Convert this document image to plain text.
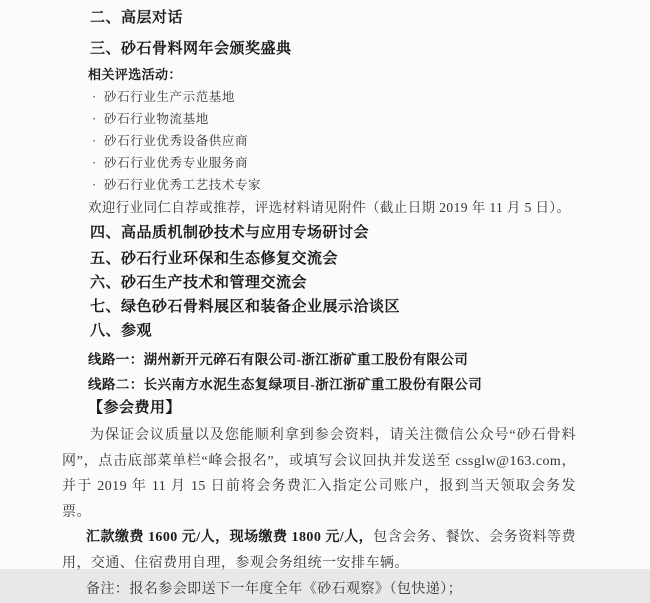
二、高层对话
三、砂石骨料网年会颁奖盛典
相关评选活动：
· 砂石行业生产示范基地
· 砂石行业物流基地
· 砂石行业优秀设备供应商
· 砂石行业优秀专业服务商
· 砂石行业优秀工艺技术专家
欢迎行业同仁自荐或推荐，评选材料请见附件（截止日期 2019 年 11 月 5 日）。
四、高品质机制砂技术与应用专场研讨会
五、砂石行业环保和生态修复交流会
六、砂石生产技术和管理交流会
七、绿色砂石骨料展区和装备企业展示洽谈区
八、参观
线路一：湖州新开元碎石有限公司-浙江浙矿重工股份有限公司
线路二：长兴南方水泥生态复绿项目-浙江浙矿重工股份有限公司
【参会费用】
为保证会议质量以及您能顺利拿到参会资料，请关注微信公众号“砂石骨料网”，点击底部菜单栏“峰会报名”，或填写会议回执并发送至 cssglw@163.com，并于 2019 年 11 月 15 日前将会务费汇入指定公司账户，报到当天领取会务发票。
汇款缴费 1600 元/人，现场缴费 1800 元/人，包含会务、餐饮、会务资料等费用，交通、住宿费用自理，参观会务组统一安排车辆。
备注：报名参会即送下一年度全年《砂石观察》（包快递）；
